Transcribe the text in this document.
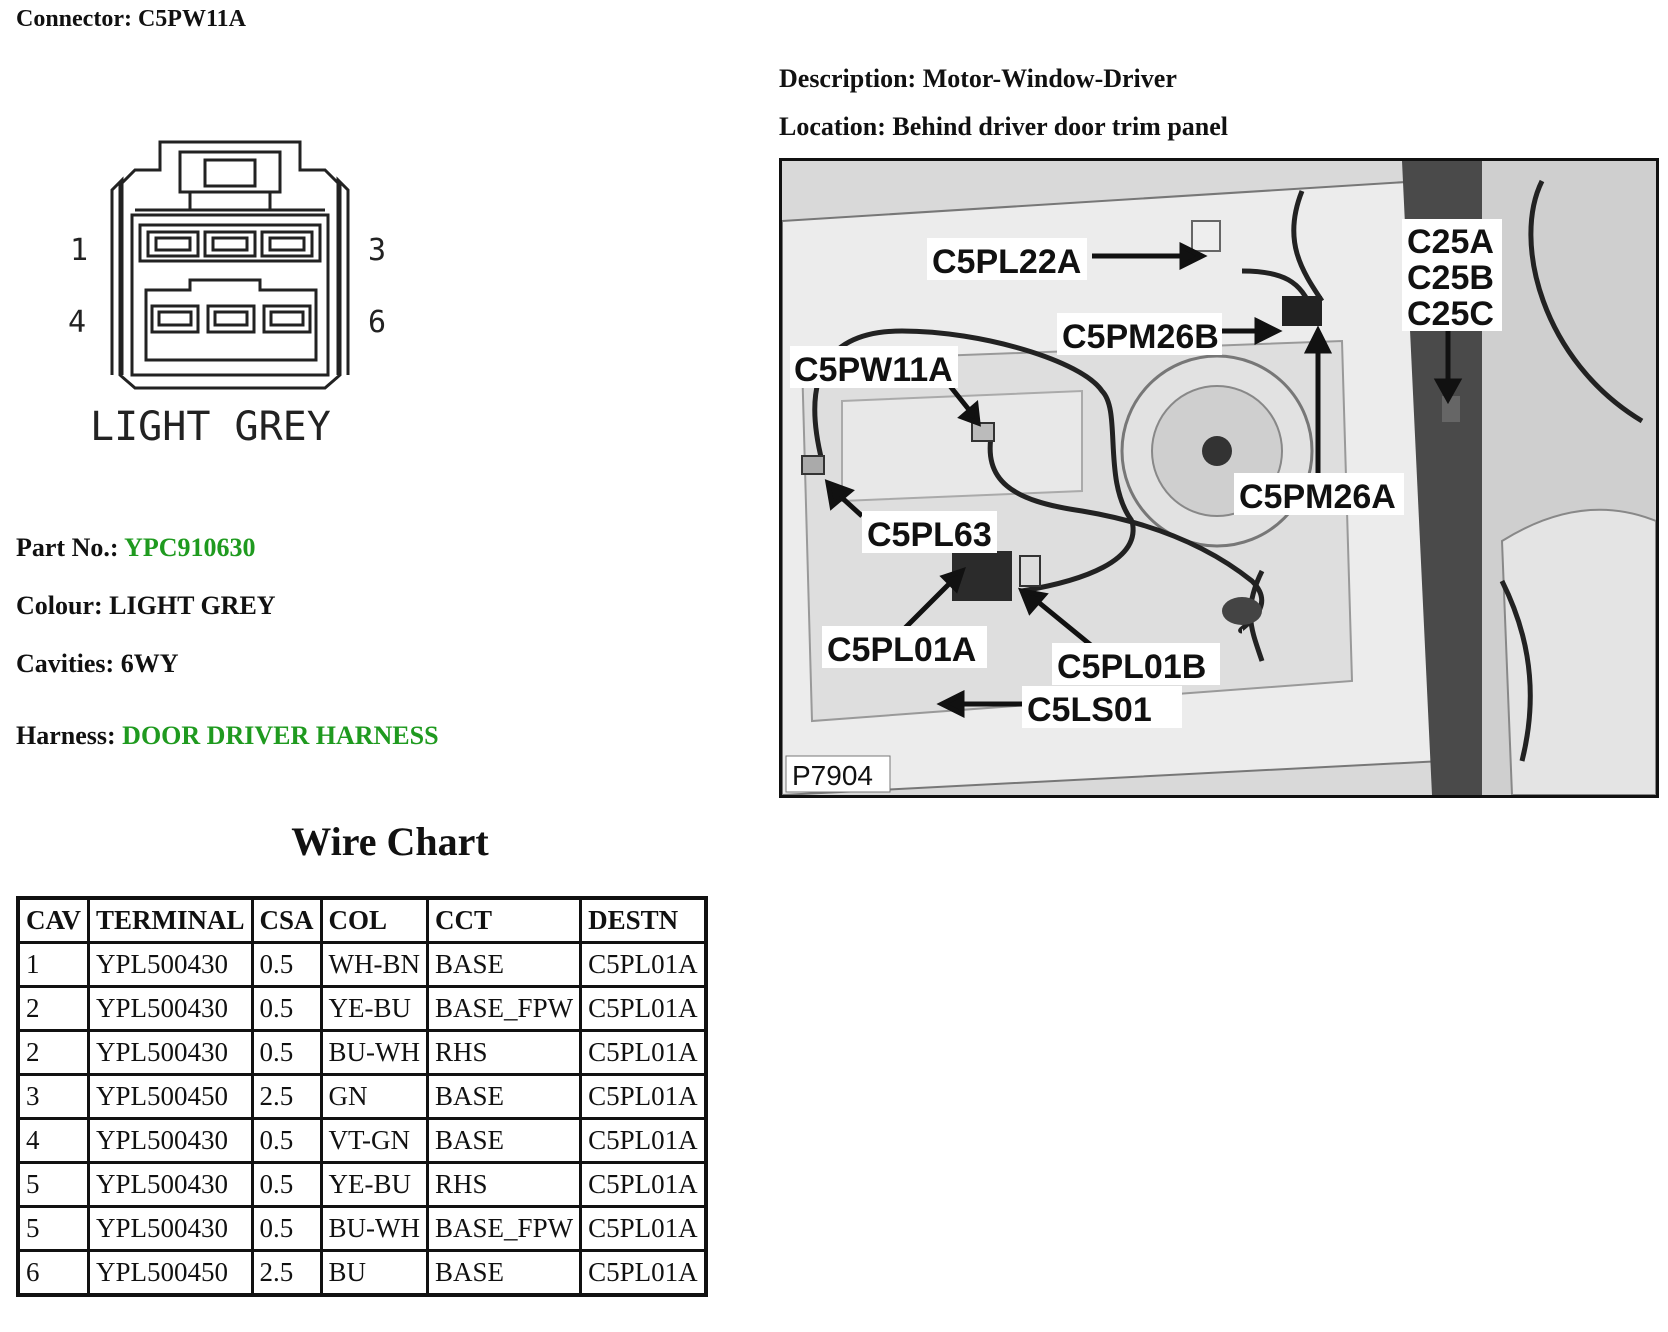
Connector: C5PW11A
1	3
4	6
LIGHT GREY
Part No.: YPC910630
Colour: LIGHT GREY
Cavities: 6WY
Harness: DOOR DRIVER HARNESS
Description: Motor-Window-Driver
Location: Behind driver door trim panel
C5PL22A
C5PM26B
C5PW11A
C5PL63
C5PM26A
C5PL01A C5PL01B
C5LS01
C25A
C25B
C25C
P7904
Wire Chart
CAV	TERMINAL	CSA	COL	CCT	DESTN
1	YPL500430	0.5	WH-BN	BASE	C5PL01A
2	YPL500430	0.5	YE-BU	BASE_FPW	C5PL01A
2	YPL500430	0.5	BU-WH	RHS	C5PL01A
3	YPL500450	2.5	GN	BASE	C5PL01A
4	YPL500430	0.5	VT-GN	BASE	C5PL01A
5	YPL500430	0.5	YE-BU	RHS	C5PL01A
5	YPL500430	0.5	BU-WH	BASE_FPW	C5PL01A
6	YPL500450	2.5	BU	BASE	C5PL01A
